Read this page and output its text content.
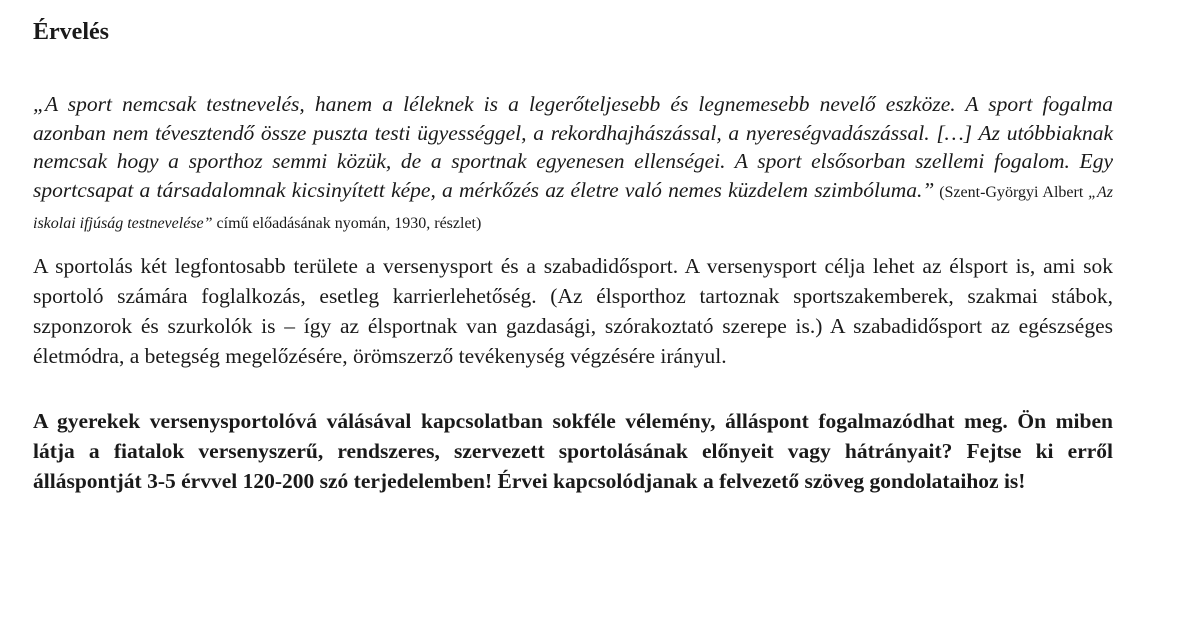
Érvelés

„A sport nemcsak testnevelés, hanem a léleknek is a legerőteljesebb és legnemesebb nevelő eszköze. A sport fogalma azonban nem tévesztendő össze puszta testi ügyességgel, a rekordhajhászással, a nyereségvadászással. […] Az utóbbiaknak nemcsak hogy a sporthoz semmi közük, de a sportnak egyenesen ellenségei. A sport elsősorban szellemi fogalom. Egy sportcsapat a társadalomnak kicsinyített képe, a mérkőzés az életre való nemes küzdelem szimbóluma.” (Szent-Györgyi Albert „Az iskolai ifjúság testnevelése” című előadásának nyomán, 1930, részlet)

A sportolás két legfontosabb területe a versenysport és a szabadidősport. A versenysport célja lehet az élsport is, ami sok sportoló számára foglalkozás, esetleg karrierlehetőség. (Az élsporthoz tartoznak sportszakemberek, szakmai stábok, szponzorok és szurkolók is – így az élsportnak van gazdasági, szórakoztató szerepe is.) A szabadidősport az egészséges életmódra, a betegség megelőzésére, örömszerző tevékenység végzésére irányul.

A gyerekek versenysportolóvá válásával kapcsolatban sokféle vélemény, álláspont fogalmazódhat meg. Ön miben látja a fiatalok versenyszerű, rendszeres, szervezett sportolásának előnyeit vagy hátrányait? Fejtse ki erről álláspontját 3-5 érvvel 120-200 szó terjedelemben! Érvei kapcsolódjanak a felvezető szöveg gondolataihoz is!
